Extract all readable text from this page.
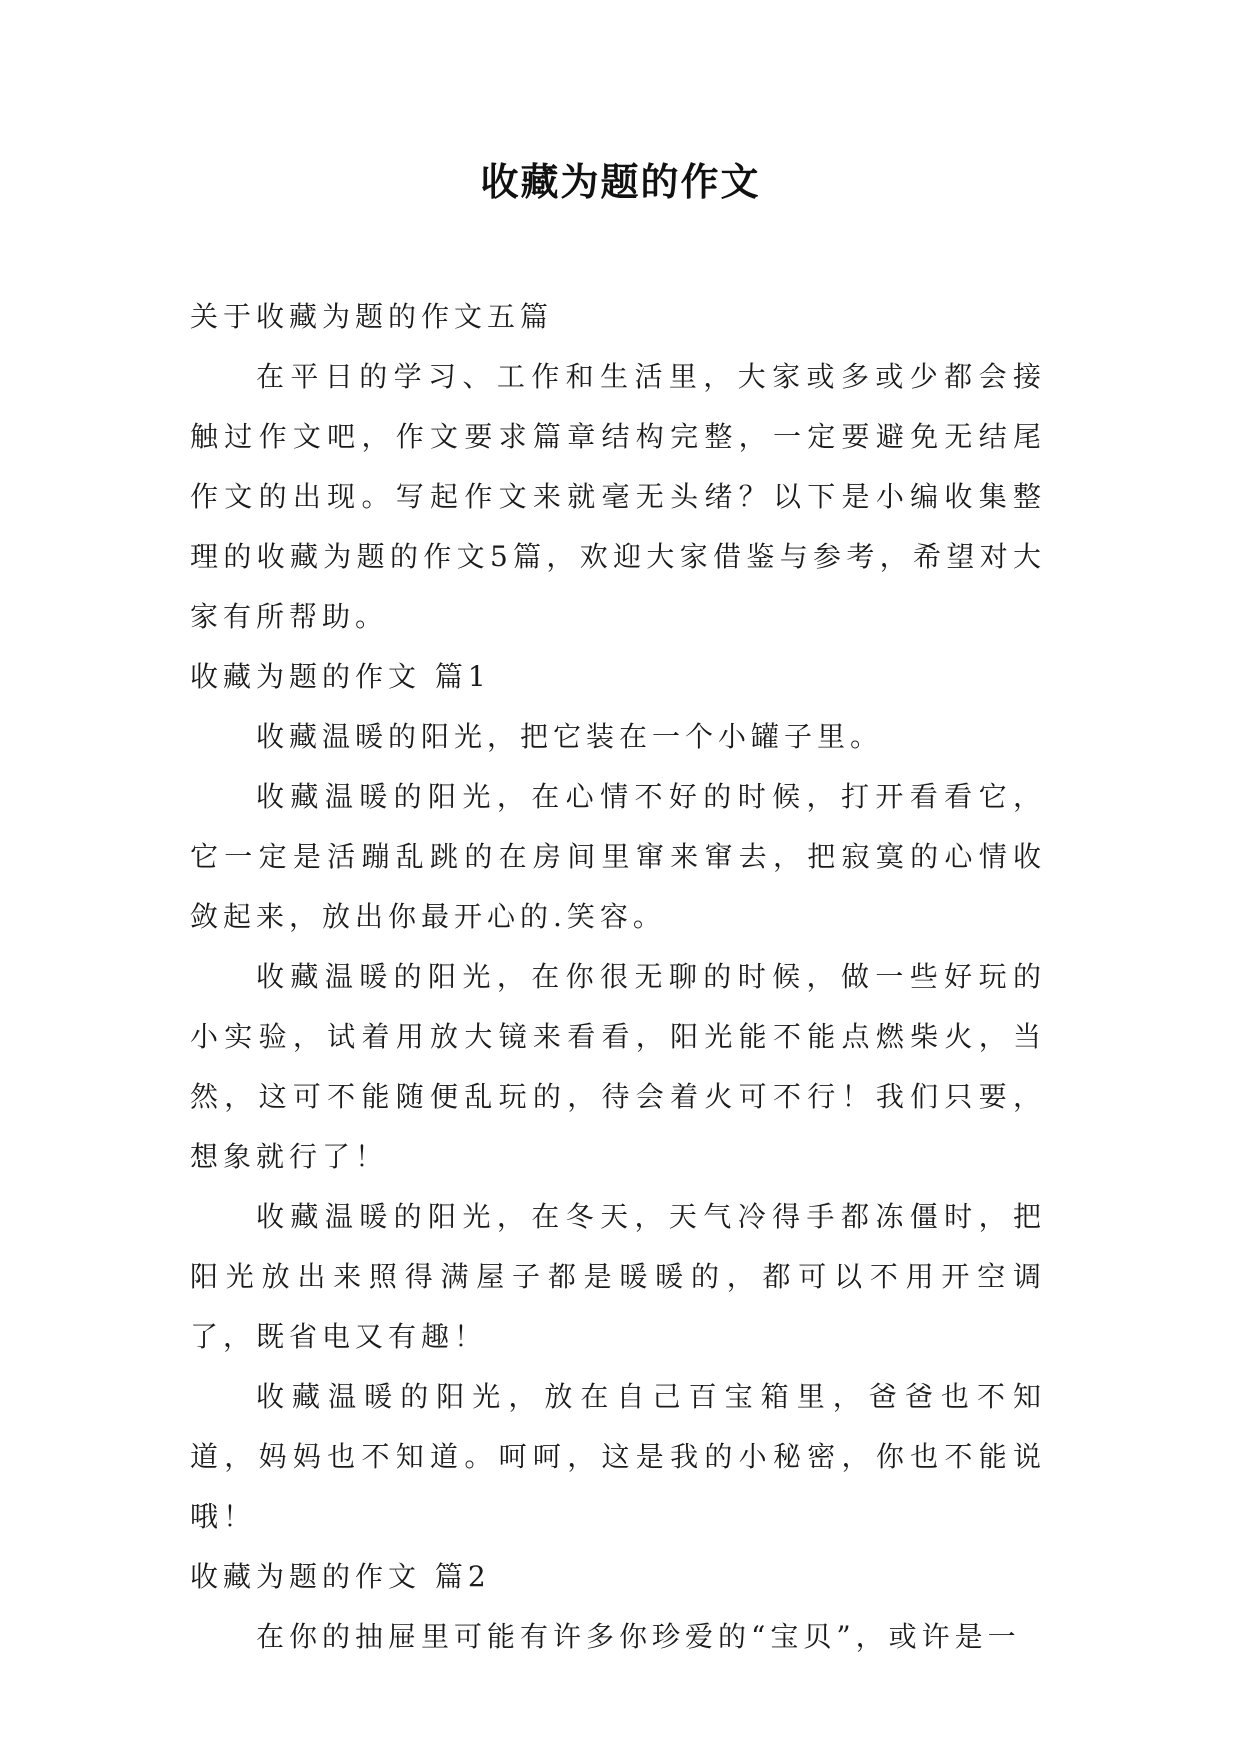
收藏为题的作文

关于收藏为题的作文五篇

在平日的学习、工作和生活里，大家或多或少都会接触过作文吧，作文要求篇章结构完整，一定要避免无结尾作文的出现。写起作文来就毫无头绪？以下是小编收集整理的收藏为题的作文5篇，欢迎大家借鉴与参考，希望对大家有所帮助。

收藏为题的作文 篇1

收藏温暖的阳光，把它装在一个小罐子里。

收藏温暖的阳光，在心情不好的时候，打开看看它，它一定是活蹦乱跳的在房间里窜来窜去，把寂寞的心情收敛起来，放出你最开心的.笑容。

收藏温暖的阳光，在你很无聊的时候，做一些好玩的小实验，试着用放大镜来看看，阳光能不能点燃柴火，当然，这可不能随便乱玩的，待会着火可不行！我们只要，想象就行了！

收藏温暖的阳光，在冬天，天气冷得手都冻僵时，把阳光放出来照得满屋子都是暖暖的，都可以不用开空调了，既省电又有趣！

收藏温暖的阳光，放在自己百宝箱里，爸爸也不知道，妈妈也不知道。呵呵，这是我的小秘密，你也不能说哦！

收藏为题的作文 篇2

在你的抽屉里可能有许多你珍爱的“宝贝”，或许是一
